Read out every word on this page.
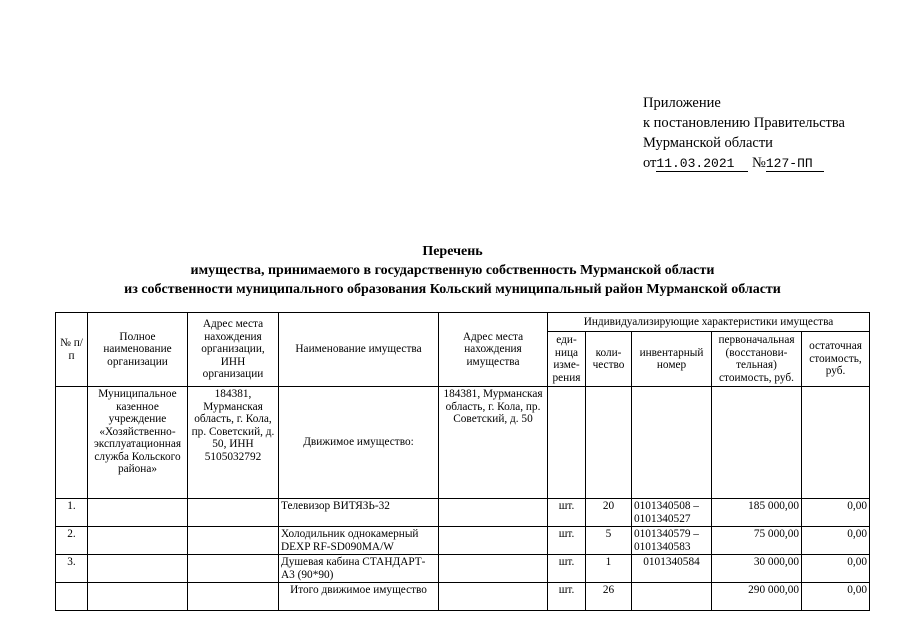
Приложение
к постановлению Правительства
Мурманской области
от11.03.2021 №127-ПП
Перечень
имущества, принимаемого в государственную собственность Мурманской области
из собственности муниципального образования Кольский муниципальный район Мурманской области
№ п/п	Полное наименование организации	Адрес места нахождения организации, ИНН организации	Наименование имущества	Адрес места нахождения имущества	Индивидуализирующие характеристики имущества				
					еди-ница изме-рения	коли-чество	инвентарный номер	первоначальная (восстанови-тельная) стоимость, руб.	остаточная стоимость, руб.
	Муниципальное казенное учреждение «Хозяйственно-эксплуатационная служба Кольского района»	184381, Мурманская область, г. Кола, пр. Советский, д. 50, ИНН 5105032792	Движимое имущество:	184381, Мурманская область, г. Кола, пр. Советский, д. 50					
1.			Телевизор ВИТЯЗЬ-32		шт.	20	0101340508 – 0101340527	185 000,00	0,00
2.			Холодильник однокамерный DEXP RF-SD090MA/W		шт.	5	0101340579 – 0101340583	75 000,00	0,00
3.			Душевая кабина СТАНДАРТ-А3 (90*90)		шт.	1	0101340584	30 000,00	0,00
			Итого движимое имущество		шт.	26		290 000,00	0,00
